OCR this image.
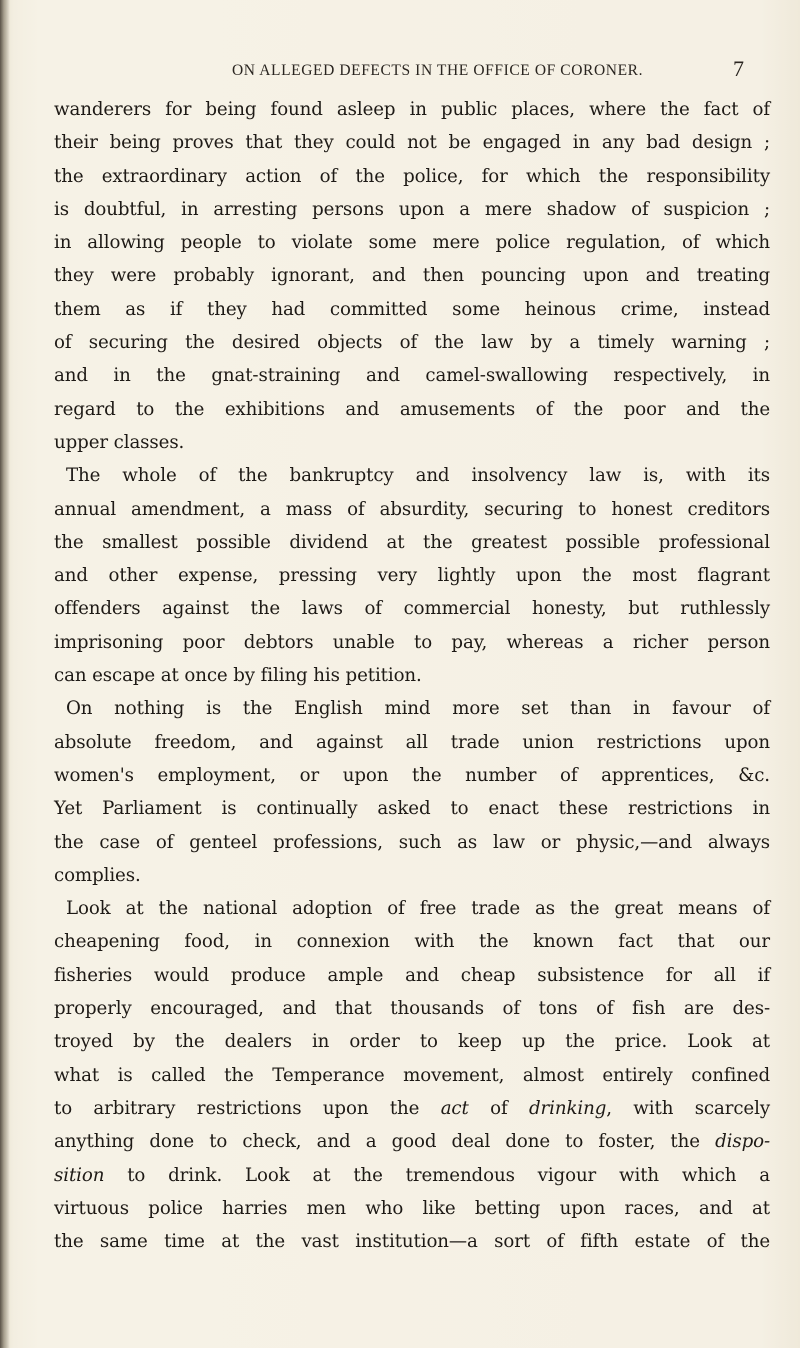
ON ALLEGED DEFECTS IN THE OFFICE OF CORONER.	7
wanderers for being found asleep in public places, where the fact of
their being proves that they could not be engaged in any bad design ;
the extraordinary action of the police, for which the responsibility
is doubtful, in arresting persons upon a mere shadow of suspicion ;
in allowing people to violate some mere police regulation, of which
they were probably ignorant, and then pouncing upon and treating
them as if they had committed some heinous crime, instead
of securing the desired objects of the law by a timely warning ;
and in the gnat-straining and camel-swallowing respectively, in
regard to the exhibitions and amusements of the poor and the
upper classes.
The whole of the bankruptcy and insolvency law is, with its
annual amendment, a mass of absurdity, securing to honest creditors
the smallest possible dividend at the greatest possible professional
and other expense, pressing very lightly upon the most flagrant
offenders against the laws of commercial honesty, but ruthlessly
imprisoning poor debtors unable to pay, whereas a richer person
can escape at once by filing his petition.
On nothing is the English mind more set than in favour of
absolute freedom, and against all trade union restrictions upon
women's employment, or upon the number of apprentices, &c.
Yet Parliament is continually asked to enact these restrictions in
the case of genteel professions, such as law or physic,—and always
complies.
Look at the national adoption of free trade as the great means of
cheapening food, in connexion with the known fact that our
fisheries would produce ample and cheap subsistence for all if
properly encouraged, and that thousands of tons of fish are des-
troyed by the dealers in order to keep up the price. Look at
what is called the Temperance movement, almost entirely confined
to arbitrary restrictions upon the act of drinking, with scarcely
anything done to check, and a good deal done to foster, the dispo-
sition to drink. Look at the tremendous vigour with which a
virtuous police harries men who like betting upon races, and at
the same time at the vast institution—a sort of fifth estate of the
